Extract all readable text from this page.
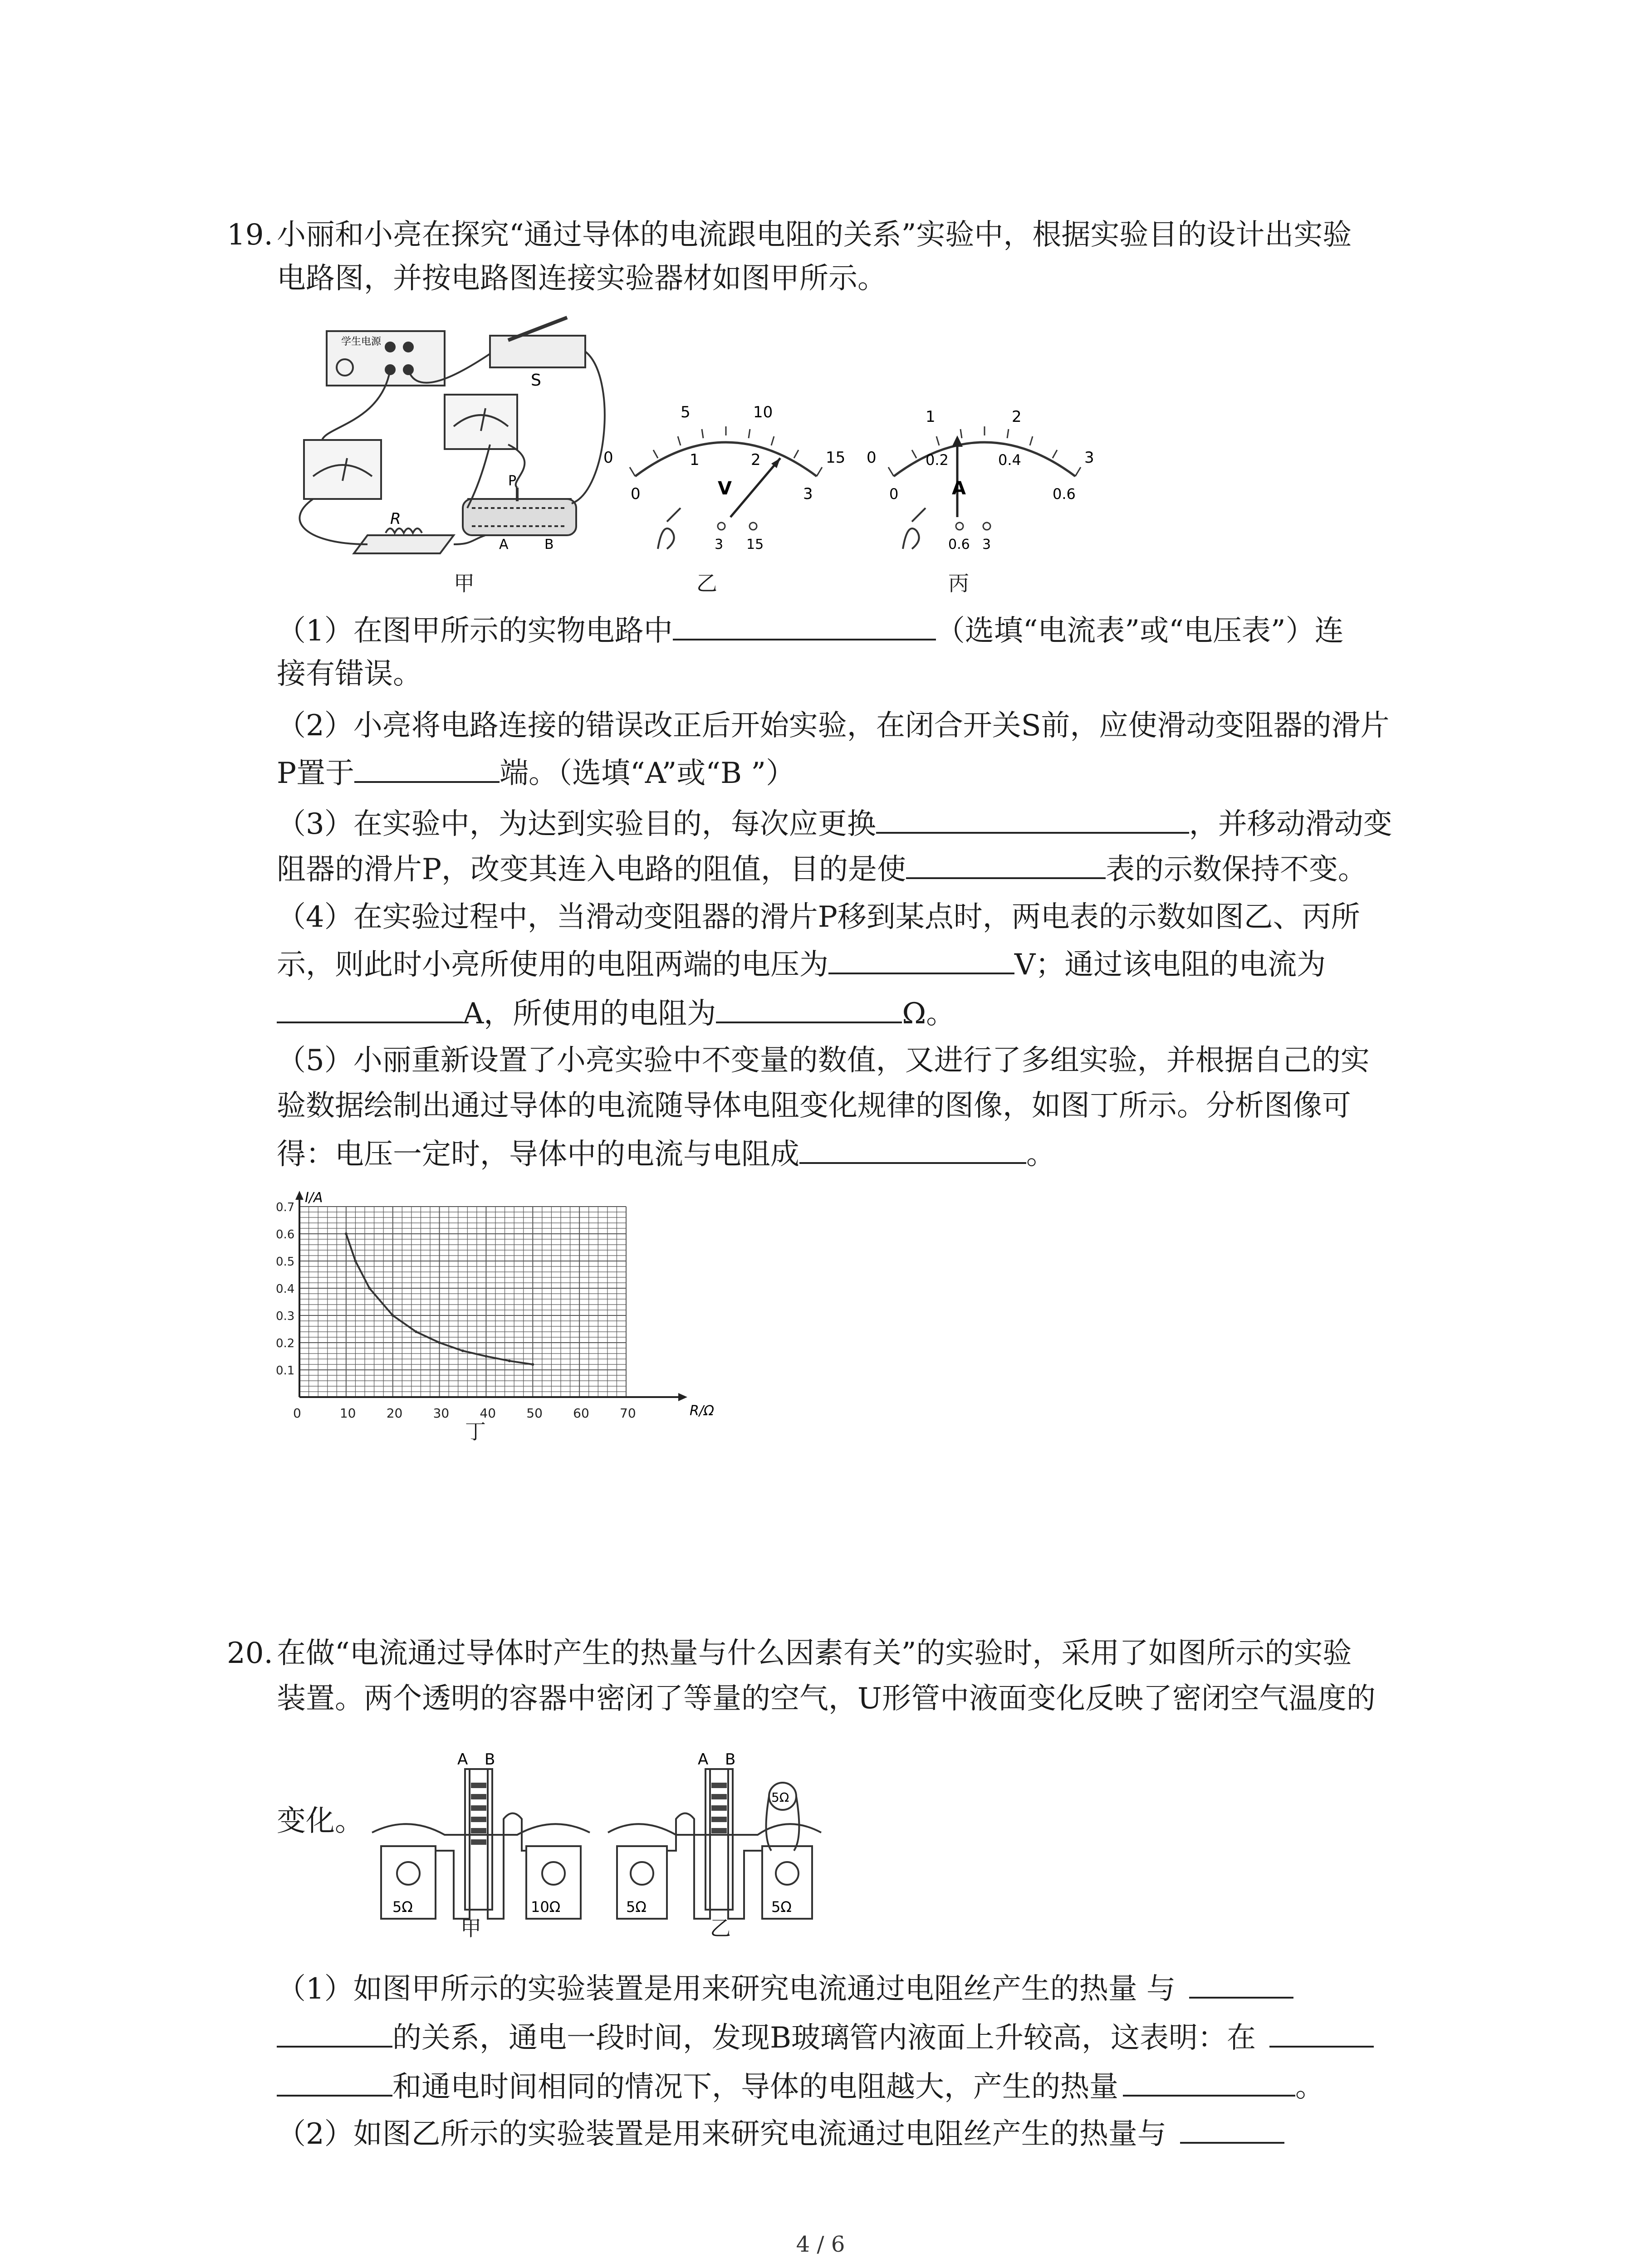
19. 小丽和小亮在探究“通过导体的电流跟电阻的关系”实验中，根据实验目的设计出实验
电路图，并按电路图连接实验器材如图甲所示。
学生电源
S
R
P
A	B
甲
0
5	10
15
0
1	2
3
V
3 15
乙
0
1	2
3
0
0.2	0.4
0.6
A
0.6 3
丙
（1）在图甲所示的实物电路中	（选填“电流表”或“电压表”）连
接有错误。
（2）小亮将电路连接的错误改正后开始实验，在闭合开关S前，应使滑动变阻器的滑片
P置于	端。（选填“A”或“B ”）
（3）在实验中，为达到实验目的，每次应更换	，并移动滑动变
阻器的滑片P，改变其连入电路的阻值，目的是使	表的示数保持不变。
（4）在实验过程中，当滑动变阻器的滑片P移到某点时，两电表的示数如图乙、丙所
示，则此时小亮所使用的电阻两端的电压为	V；通过该电阻的电流为
A，所使用的电阻为	Ω。
（5）小丽重新设置了小亮实验中不变量的数值，又进行了多组实验，并根据自己的实
验数据绘制出通过导体的电流随导体电阻变化规律的图像，如图丁所示。分析图像可
得：电压一定时，导体中的电流与电阻成	。
0	10 20 30 40 50 60 70
0.1
0.2
0.3
0.4
0.5
0.6
0.7
R/Ω
I/A
丁
20. 在做“电流通过导体时产生的热量与什么因素有关”的实验时，采用了如图所示的实验
装置。两个透明的容器中密闭了等量的空气，U形管中液面变化反映了密闭空气温度的
变化。
A B
5Ω	10Ω
甲
A B
5Ω
5Ω	5Ω
乙
（1）如图甲所示的实验装置是用来研究电流通过电阻丝产生的热量 与
的关系，通电一段时间，发现B玻璃管内液面上升较高，这表明：在
和通电时间相同的情况下，导体的电阻越大，产生的热量	。
（2）如图乙所示的实验装置是用来研究电流通过电阻丝产生的热量与
4 / 6
